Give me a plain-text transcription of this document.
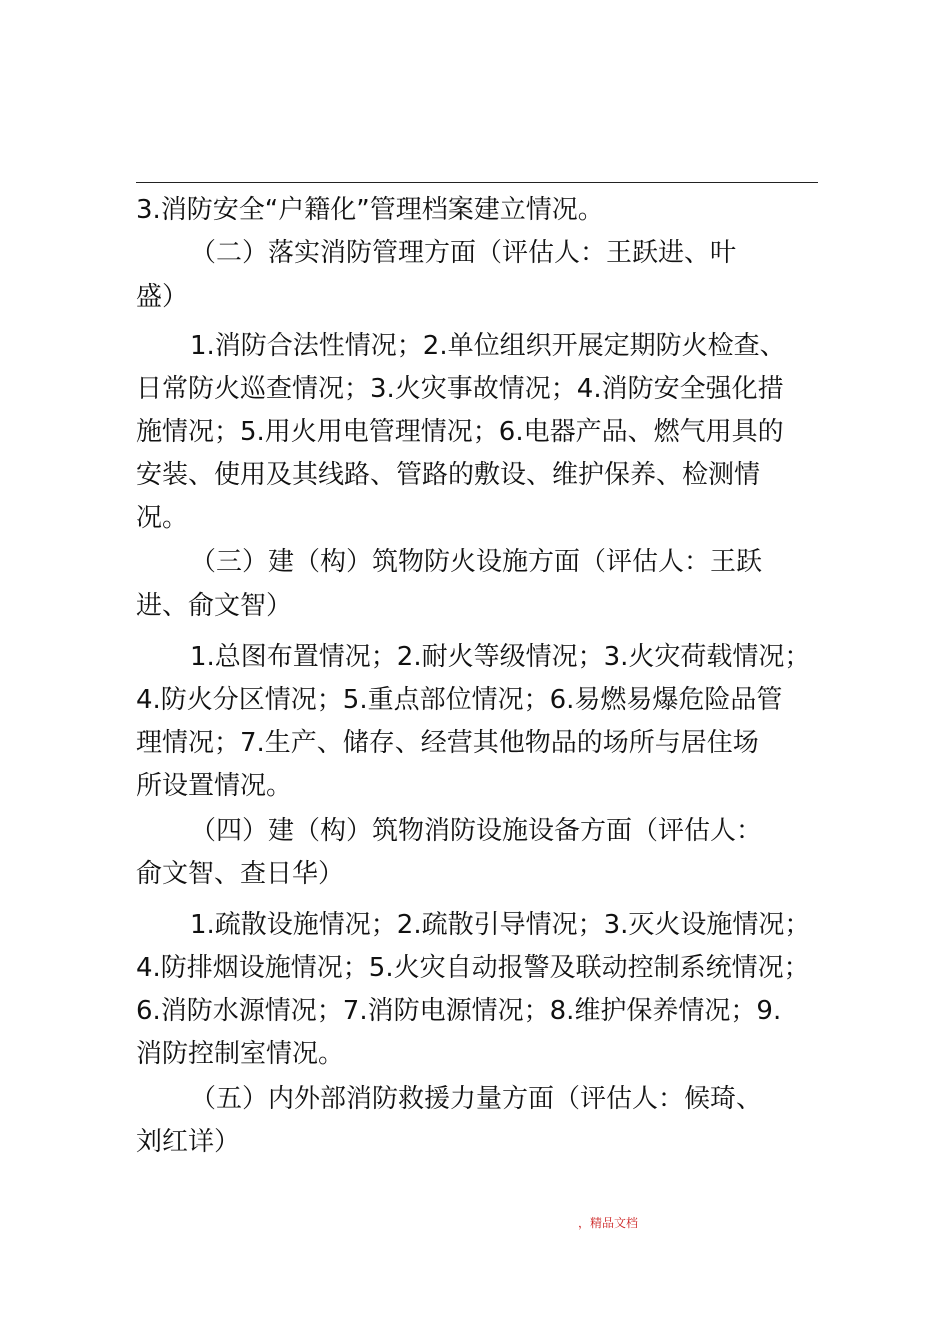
3.消防安全“户籍化”管理档案建立情况。
（二）落实消防管理方面（评估人：王跃进、叶
盛）
1.消防合法性情况；2.单位组织开展定期防火检查、
日常防火巡查情况；3.火灾事故情况；4.消防安全强化措
施情况；5.用火用电管理情况；6.电器产品、燃气用具的
安装、使用及其线路、管路的敷设、维护保养、检测情
况。
（三）建（构）筑物防火设施方面（评估人：王跃
进、俞文智）
1.总图布置情况；2.耐火等级情况；3.火灾荷载情况；
4.防火分区情况；5.重点部位情况；6.易燃易爆危险品管
理情况；7.生产、储存、经营其他物品的场所与居住场
所设置情况。
（四）建（构）筑物消防设施设备方面（评估人：
俞文智、查日华）
1.疏散设施情况；2.疏散引导情况；3.灭火设施情况；
4.防排烟设施情况；5.火灾自动报警及联动控制系统情况；
6.消防水源情况；7.消防电源情况；8.维护保养情况；9.
消防控制室情况。
（五）内外部消防救援力量方面（评估人：候琦、
刘红详）
，精品文档
